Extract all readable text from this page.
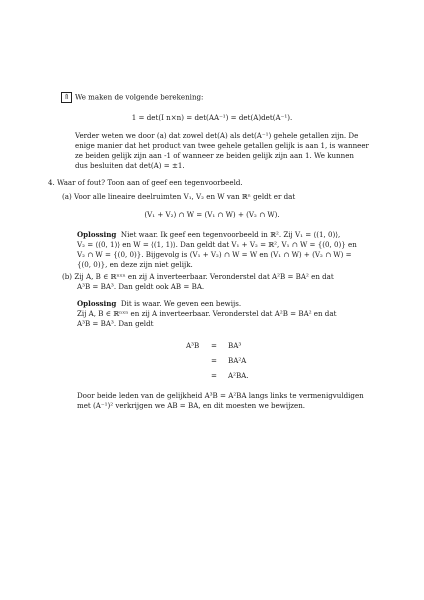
⇑ We maken de volgende berekening:
1 = det(I n×n) = det(AA⁻¹) = det(A)det(A⁻¹).
Verder weten we door (a) dat zowel det(A) als det(A⁻¹) gehele getallen zijn. De
enige manier dat het product van twee gehele getallen gelijk is aan 1, is wanneer
ze beiden gelijk zijn aan -1 of wanneer ze beiden gelijk zijn aan 1. We kunnen
dus besluiten dat det(A) = ±1.
4. Waar of fout? Toon aan of geef een tegenvoorbeeld.
(a) Voor alle lineaire deelruimten V₁, V₂ en W van ℝⁿ geldt er dat
(V₁ + V₂) ∩ W = (V₁ ∩ W) + (V₂ ∩ W).
Oplossing Niet waar. Ik geef een tegenvoorbeeld in ℝ². Zij V₁ = ⟨(1, 0)⟩,
V₂ = ⟨(0, 1)⟩ en W = ⟨(1, 1)⟩. Dan geldt dat V₁ + V₂ = ℝ², V₁ ∩ W = {(0, 0)} en
V₂ ∩ W = {(0, 0)}. Bijgevolg is (V₁ + V₂) ∩ W = W en (V₁ ∩ W) + (V₂ ∩ W) =
{(0, 0)}, en deze zijn niet gelijk.
(b) Zij A, B ∈ ℝⁿˣⁿ en zij A inverteerbaar. Veronderstel dat A²B = BA² en dat
A³B = BA³. Dan geldt ook AB = BA.
Oplossing Dit is waar. We geven een bewijs.
Zij A, B ∈ ℝⁿˣⁿ en zij A inverteerbaar. Veronderstel dat A²B = BA² en dat
A³B = BA³. Dan geldt
A³B = BA³
= BA²A
= A²BA.
Door beide leden van de gelijkheid A³B = A²BA langs links te vermenigvuldigen
met (A⁻¹)² verkrijgen we AB = BA, en dit moesten we bewijzen.
